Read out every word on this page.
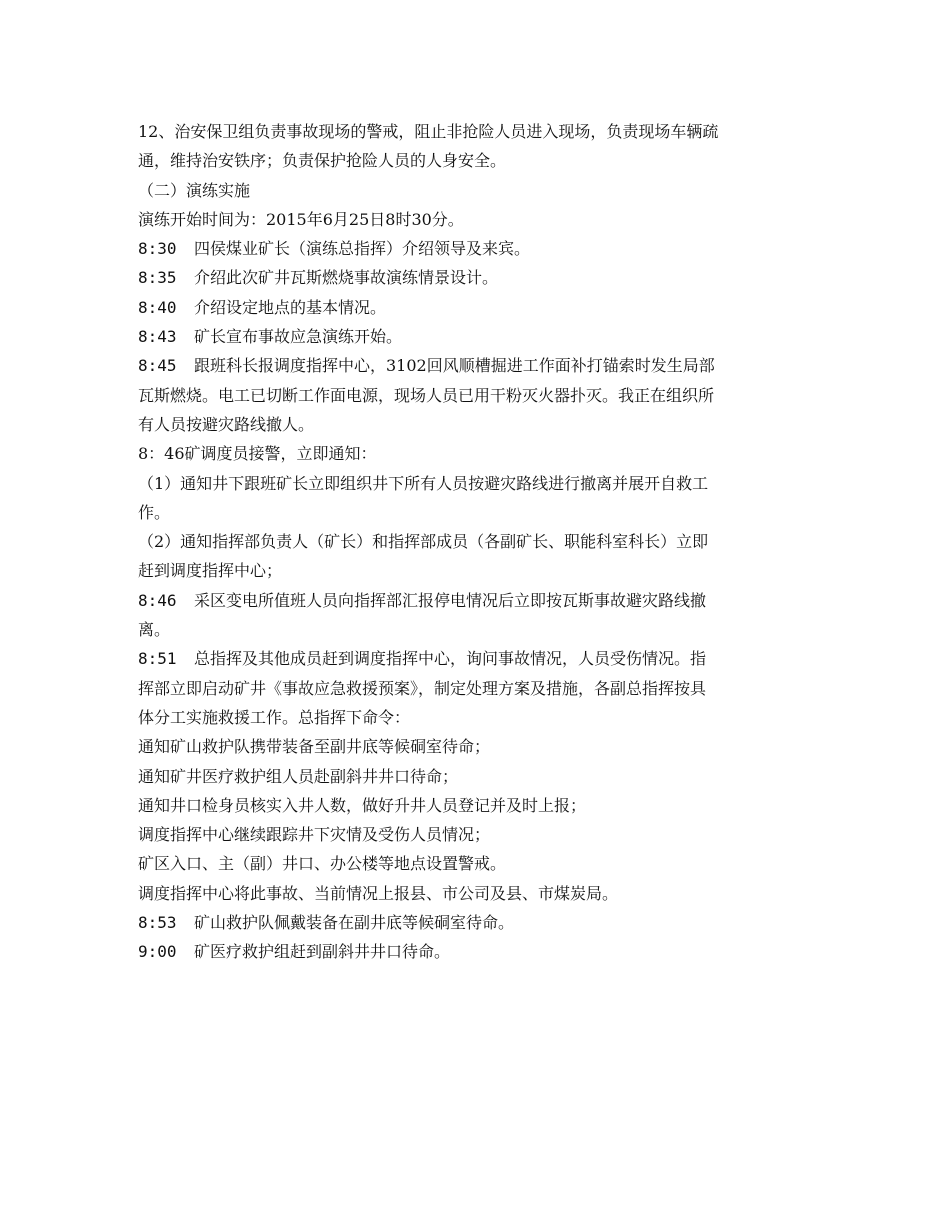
12、治安保卫组负责事故现场的警戒，阻止非抢险人员进入现场，负责现场车辆疏
通，维持治安铁序；负责保护抢险人员的人身安全。
（二）演练实施
演练开始时间为：2015年6月25日8时30分。
8:30 四侯煤业矿长（演练总指挥）介绍领导及来宾。
8:35 介绍此次矿井瓦斯燃烧事故演练情景设计。
8:40 介绍设定地点的基本情况。
8:43 矿长宣布事故应急演练开始。
8:45 跟班科长报调度指挥中心，3102回风顺槽掘进工作面补打锚索时发生局部
瓦斯燃烧。电工已切断工作面电源，现场人员已用干粉灭火器扑灭。我正在组织所
有人员按避灾路线撤人。
8：46矿调度员接警，立即通知：
（1）通知井下跟班矿长立即组织井下所有人员按避灾路线进行撤离并展开自救工
作。
（2）通知指挥部负责人（矿长）和指挥部成员（各副矿长、职能科室科长）立即
赶到调度指挥中心；
8:46 采区变电所值班人员向指挥部汇报停电情况后立即按瓦斯事故避灾路线撤
离。
8:51 总指挥及其他成员赶到调度指挥中心，询问事故情况，人员受伤情况。指
挥部立即启动矿井《事故应急救援预案》，制定处理方案及措施，各副总指挥按具
体分工实施救援工作。总指挥下命令：
通知矿山救护队携带装备至副井底等候硐室待命；
通知矿井医疗救护组人员赴副斜井井口待命；
通知井口检身员核实入井人数，做好升井人员登记并及时上报；
调度指挥中心继续跟踪井下灾情及受伤人员情况；
矿区入口、主（副）井口、办公楼等地点设置警戒。
调度指挥中心将此事故、当前情况上报县、市公司及县、市煤炭局。
8:53 矿山救护队佩戴装备在副井底等候硐室待命。
9:00 矿医疗救护组赶到副斜井井口待命。
